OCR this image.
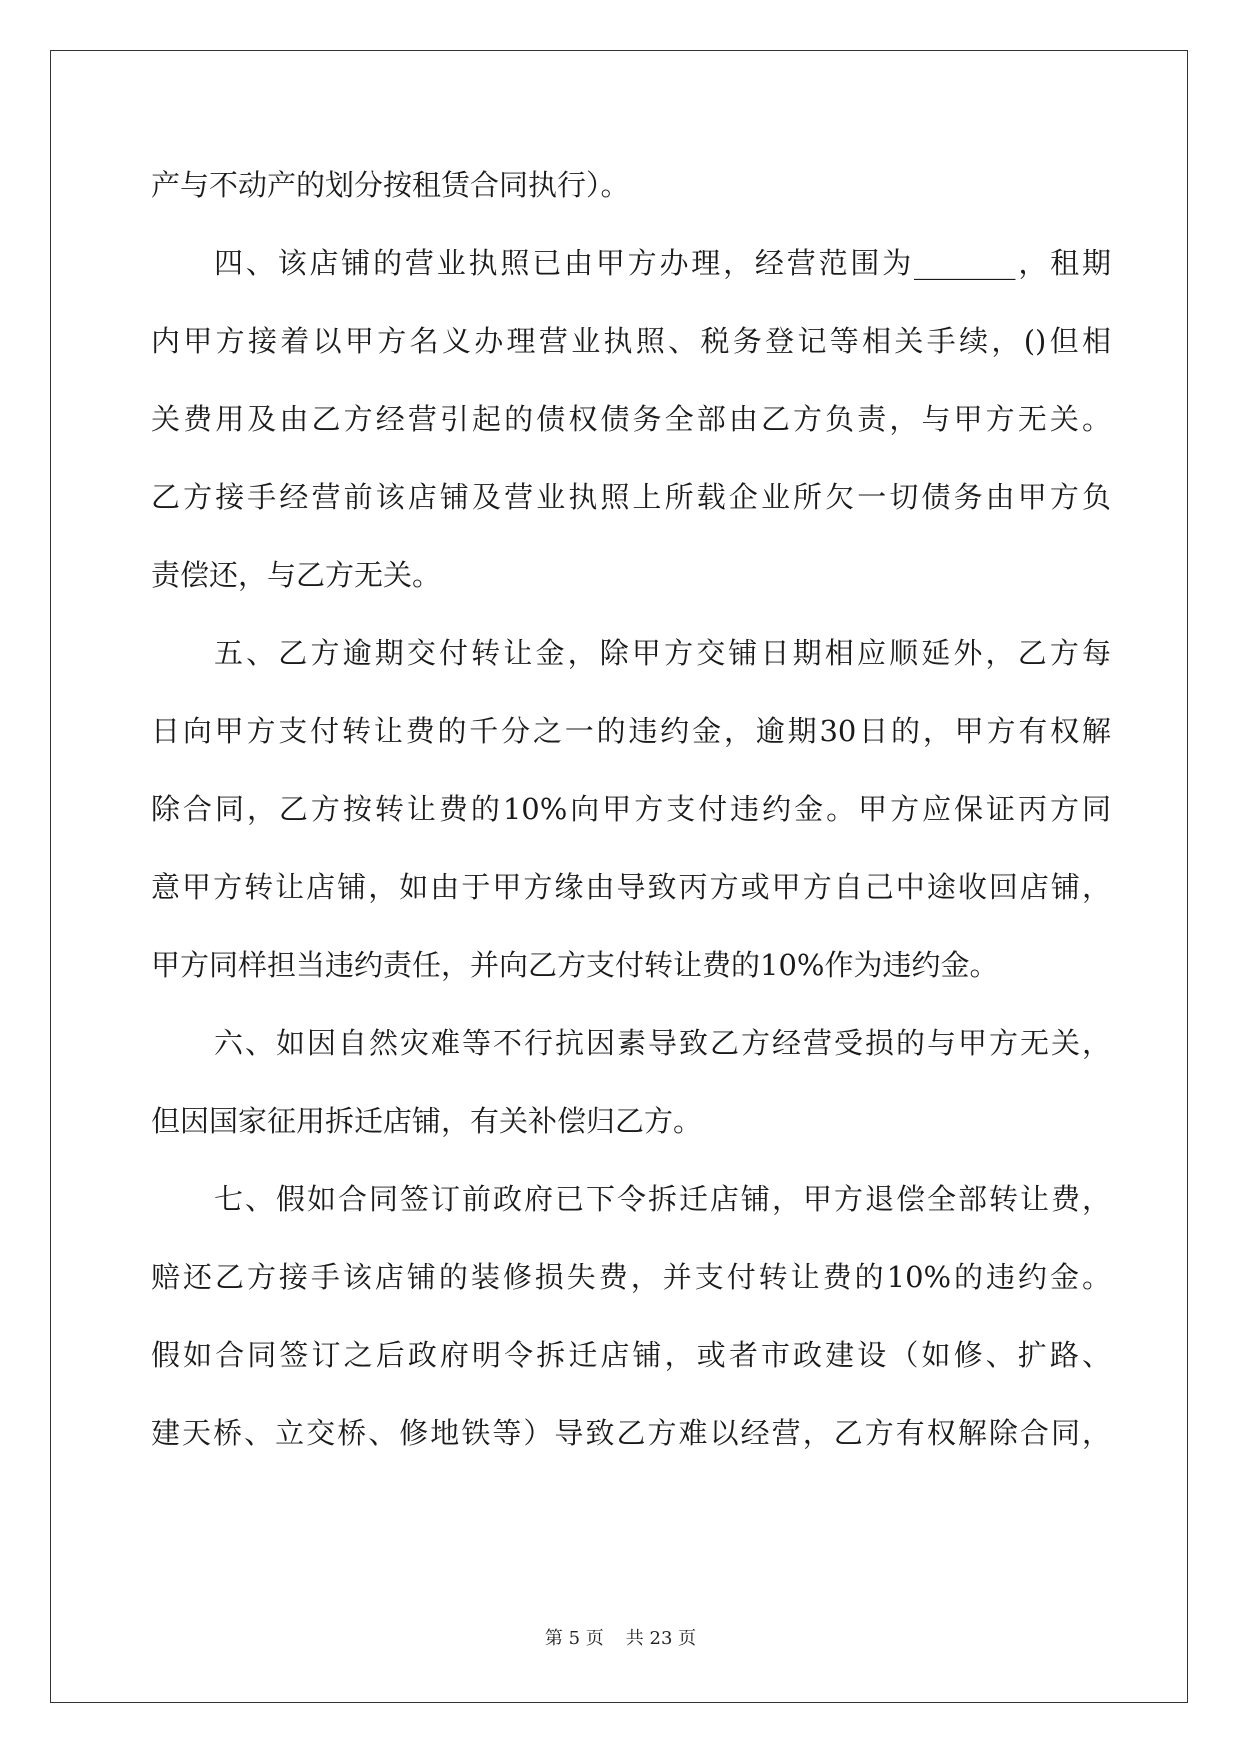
产与不动产的划分按租赁合同执行）。
四、该店铺的营业执照已由甲方办理，经营范围为_______，租期
内甲方接着以甲方名义办理营业执照、税务登记等相关手续，()但相
关费用及由乙方经营引起的债权债务全部由乙方负责，与甲方无关。
乙方接手经营前该店铺及营业执照上所载企业所欠一切债务由甲方负
责偿还，与乙方无关。
五、乙方逾期交付转让金，除甲方交铺日期相应顺延外，乙方每
日向甲方支付转让费的千分之一的违约金，逾期30日的，甲方有权解
除合同，乙方按转让费的10%向甲方支付违约金。甲方应保证丙方同
意甲方转让店铺，如由于甲方缘由导致丙方或甲方自己中途收回店铺，
甲方同样担当违约责任，并向乙方支付转让费的10%作为违约金。
六、如因自然灾难等不行抗因素导致乙方经营受损的与甲方无关，
但因国家征用拆迁店铺，有关补偿归乙方。
七、假如合同签订前政府已下令拆迁店铺，甲方退偿全部转让费，
赔还乙方接手该店铺的装修损失费，并支付转让费的10%的违约金。
假如合同签订之后政府明令拆迁店铺，或者市政建设（如修、扩路、
建天桥、立交桥、修地铁等）导致乙方难以经营，乙方有权解除合同，
第 5 页 共 23 页
